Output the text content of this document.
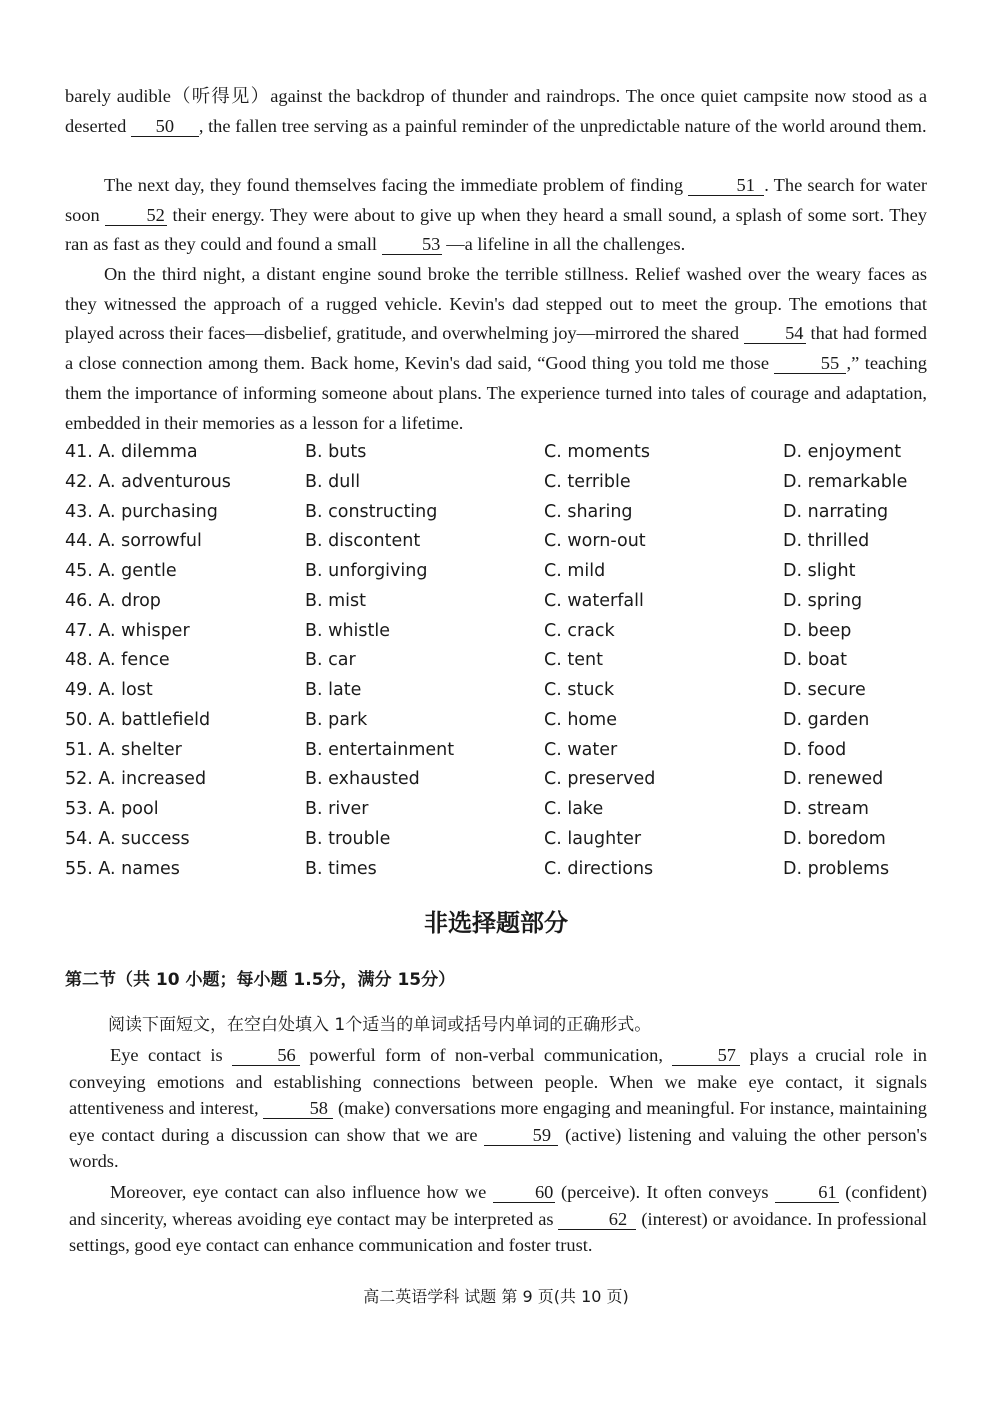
barely audible（听得见）against the backdrop of thunder and raindrops. The once quiet campsite now stood as a deserted 50 , the fallen tree serving as a painful reminder of the unpredictable nature of the world around them.

The next day, they found themselves facing the immediate problem of finding	51 . The search for water soon 52 their energy. They were about to give up when they heard a small sound, a splash of some sort. They ran as fast as they could and found a small 53 —a lifeline in all the challenges.

On the third night, a distant engine sound broke the terrible stillness. Relief washed over the weary faces as they witnessed the approach of a rugged vehicle. Kevin's dad stepped out to meet the group. The emotions that played across their faces—disbelief, gratitude, and overwhelming joy—mirrored the shared 54 that had formed a close connection among them. Back home, Kevin's dad said, “Good thing you told me those	55 ,” teaching them the importance of informing someone about plans. The experience turned into tales of courage and adaptation, embedded in their memories as a lesson for a lifetime.

41. A. dilemma	B. buts	C. moments	D. enjoyment
42. A. adventurous	B. dull	C. terrible	D. remarkable
43. A. purchasing	B. constructing	C. sharing	D. narrating
44. A. sorrowful	B. discontent	C. worn-out	D. thrilled
45. A. gentle	B. unforgiving	C. mild	D. slight
46. A. drop	B. mist	C. waterfall	D. spring
47. A. whisper	B. whistle	C. crack	D. beep
48. A. fence	B. car	C. tent	D. boat
49. A. lost	B. late	C. stuck	D. secure
50. A. battlefield	B. park	C. home	D. garden
51. A. shelter	B. entertainment	C. water	D. food
52. A. increased	B. exhausted	C. preserved	D. renewed
53. A. pool	B. river	C. lake	D. stream
54. A. success	B. trouble	C. laughter	D. boredom
55. A. names	B. times	C. directions	D. problems
非选择题部分
第二节（共 10 小题；每小题 1.5分，满分 15分）
阅读下面短文，在空白处填入 1个适当的单词或括号内单词的正确形式。

Eye contact is 56 powerful form of non-verbal communication, 57 plays a crucial role in conveying emotions and establishing connections between people. When we make eye contact, it signals attentiveness and interest,	58 (make) conversations more engaging and meaningful. For instance, maintaining eye contact during a discussion can show that we are	59 (active) listening and valuing the other person's words.

Moreover, eye contact can also influence how we 60 (perceive). It often conveys 61 (confident) and sincerity, whereas avoiding eye contact may be interpreted as	62 (interest) or avoidance. In professional settings, good eye contact can enhance communication and foster trust.

高二英语学科 试题 第 9 页(共 10 页)
